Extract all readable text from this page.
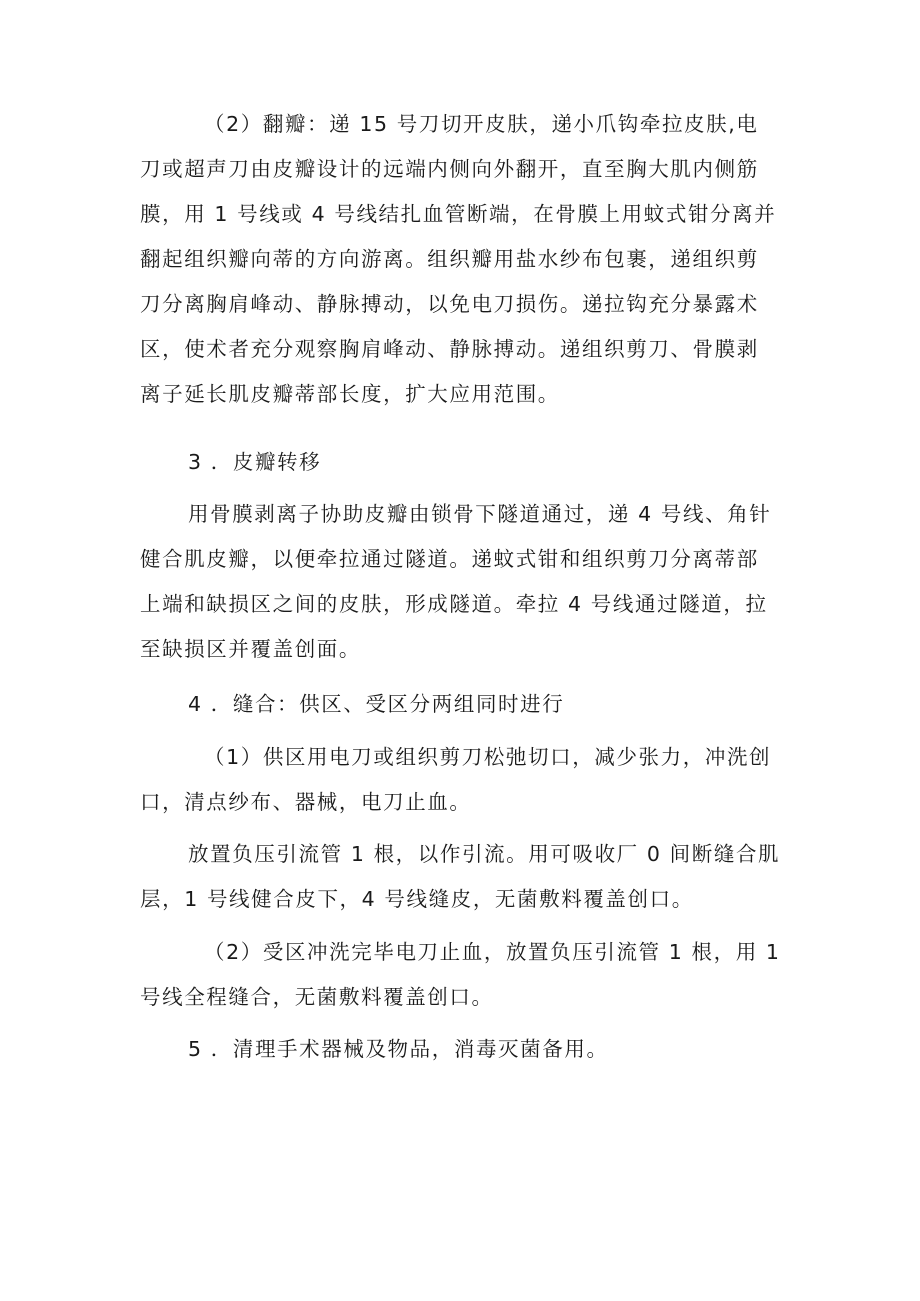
（2）翻瓣：递 15 号刀切开皮肤，递小爪钩牵拉皮肤,电
刀或超声刀由皮瓣设计的远端内侧向外翻开，直至胸大肌内侧筋
膜，用 1 号线或 4 号线结扎血管断端，在骨膜上用蚊式钳分离并
翻起组织瓣向蒂的方向游离。组织瓣用盐水纱布包裹，递组织剪
刀分离胸肩峰动、静脉搏动，以免电刀损伤。递拉钩充分暴露术
区，使术者充分观察胸肩峰动、静脉搏动。递组织剪刀、骨膜剥
离子延长肌皮瓣蒂部长度，扩大应用范围。
3 ．皮瓣转移
用骨膜剥离子协助皮瓣由锁骨下隧道通过，递 4 号线、角针
健合肌皮瓣，以便牵拉通过隧道。递蚊式钳和组织剪刀分离蒂部
上端和缺损区之间的皮肤，形成隧道。牵拉 4 号线通过隧道，拉
至缺损区并覆盖创面。
4 ．缝合：供区、受区分两组同时进行
（1）供区用电刀或组织剪刀松弛切口，减少张力，冲洗创
口，清点纱布、器械，电刀止血。
放置负压引流管 1 根，以作引流。用可吸收厂 0 间断缝合肌
层，1 号线健合皮下，4 号线缝皮，无菌敷料覆盖创口。
（2）受区冲洗完毕电刀止血，放置负压引流管 1 根，用 1
号线全程缝合，无菌敷料覆盖创口。
5 ．清理手术器械及物品，消毒灭菌备用。
